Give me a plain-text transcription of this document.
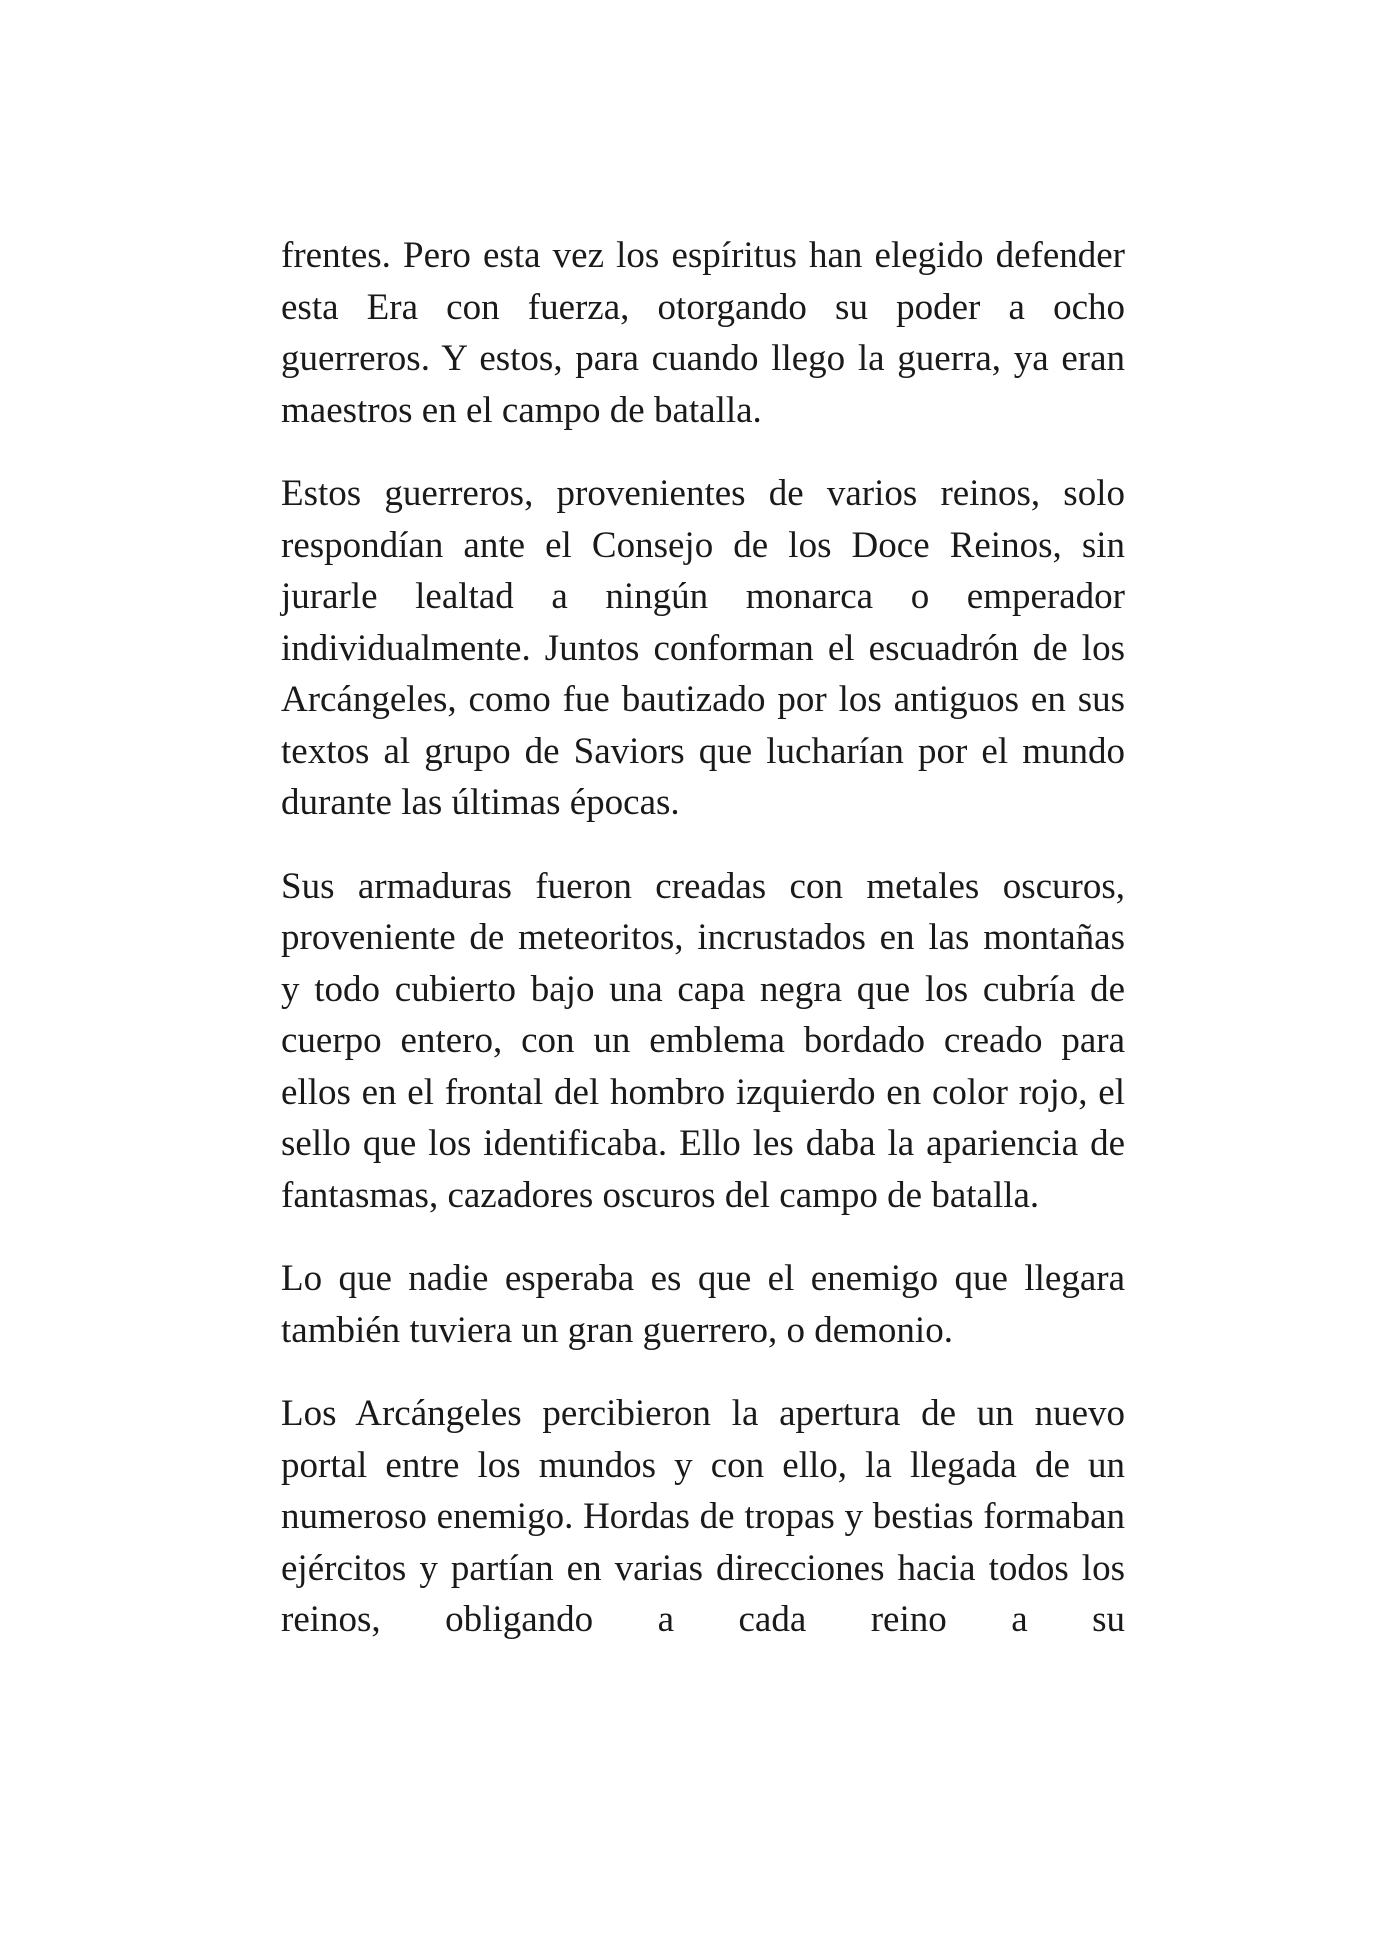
frentes. Pero esta vez los espíritus han elegido defender esta Era con fuerza, otorgando su poder a ocho guerreros. Y estos, para cuando llego la guerra, ya eran maestros en el campo de batalla.

Estos guerreros, provenientes de varios reinos, solo respondían ante el Consejo de los Doce Reinos, sin jurarle lealtad a ningún monarca o emperador individualmente. Juntos conforman el escuadrón de los Arcángeles, como fue bautizado por los antiguos en sus textos al grupo de Saviors que lucharían por el mundo durante las últimas épocas.

Sus armaduras fueron creadas con metales oscuros, proveniente de meteoritos, incrustados en las montañas y todo cubierto bajo una capa negra que los cubría de cuerpo entero, con un emblema bordado creado para ellos en el frontal del hombro izquierdo en color rojo, el sello que los identificaba. Ello les daba la apariencia de fantasmas, cazadores oscuros del campo de batalla.

Lo que nadie esperaba es que el enemigo que llegara también tuviera un gran guerrero, o demonio.

Los Arcángeles percibieron la apertura de un nuevo portal entre los mundos y con ello, la llegada de un numeroso enemigo. Hordas de tropas y bestias formaban ejércitos y partían en varias direcciones hacia todos los reinos, obligando a cada reino a su
